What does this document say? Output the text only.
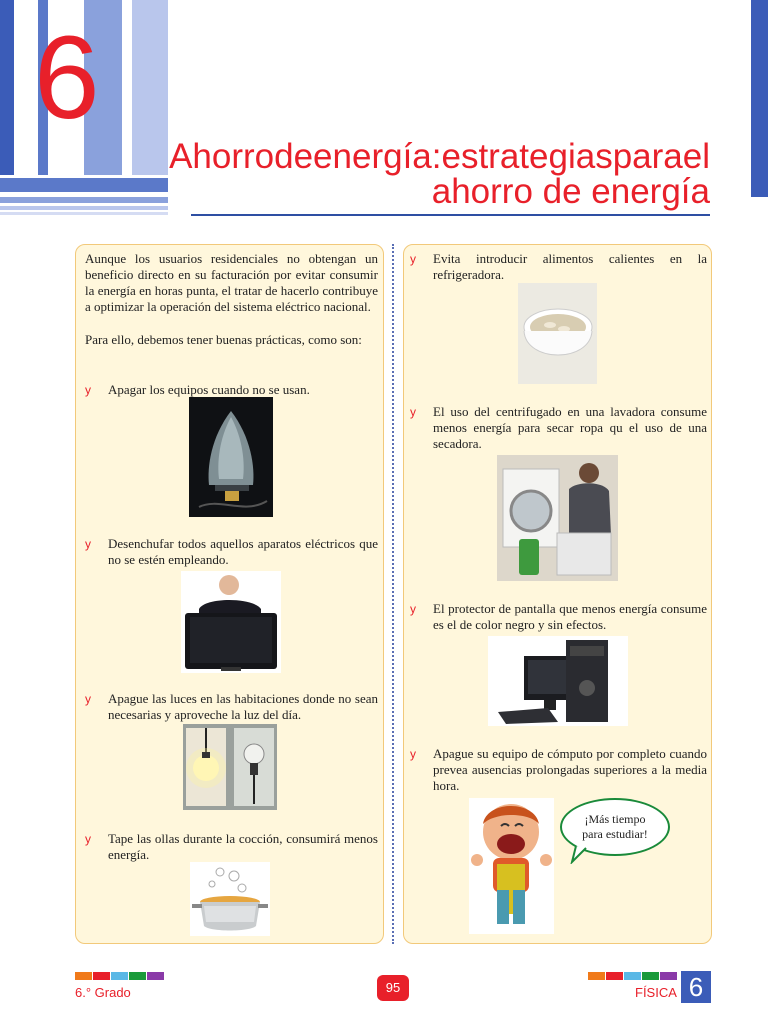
6
Ahorrodeenergía:estrategiasparael
ahorro de energía
Aunque los usuarios residenciales no obtengan un beneficio directo en su facturación por evitar consumir la energía en horas punta, el tratar de hacerlo contribuye a optimizar la operación del sistema eléctrico nacional.
Para ello, debemos tener buenas prácticas, como son:
y Apagar los equipos cuando no se usan.
y Desenchufar todos aquellos aparatos eléctricos que no se estén empleando.
y Apague las luces en las habitaciones donde no sean necesarias y aproveche la luz del día.
y Tape las ollas durante la cocción, consumirá menos energía.
y Evita introducir alimentos calientes en la refrigeradora.
y El uso del centrifugado en una lavadora consume menos energía para secar ropa qu el uso de una secadora.
y El protector de pantalla que menos energía consume es el de color negro y sin efectos.
y Apague su equipo de cómputo por completo cuando prevea ausencias prolongadas superiores a la media hora.
¡Más tiempo
para estudiar!
6.° Grado	95	FÍSICA 6
